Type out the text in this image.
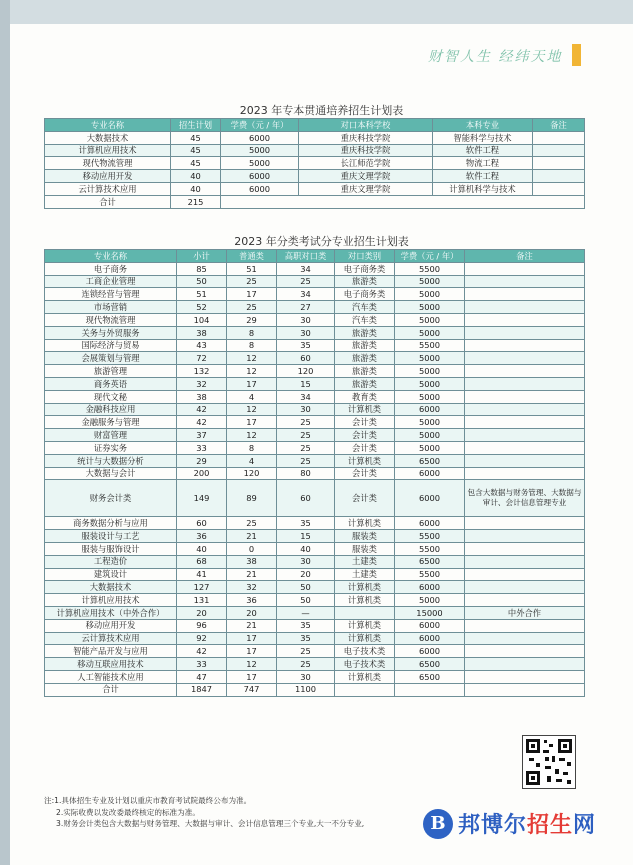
财智人生 经纬天地
2023 年专本贯通培养招生计划表
专业名称	招生计划	学费（元 / 年）	对口本科学校	本科专业	备注
大数据技术	45	6000	重庆科技学院	智能科学与技术	
计算机应用技术	45	5000	重庆科技学院	软件工程	
现代物流管理	45	5000	长江师范学院	物流工程	
移动应用开发	40	6000	重庆文理学院	软件工程	
云计算技术应用	40	6000	重庆文理学院	计算机科学与技术	
合计	215				
2023 年分类考试分专业招生计划表
专业名称	小计	普通类	高职对口类	对口类别	学费（元 / 年）	备注
电子商务	85	51	34	电子商务类	5500	
工商企业管理	50	25	25	旅游类	5000	
连锁经营与管理	51	17	34	电子商务类	5000	
市场营销	52	25	27	汽车类	5000	
现代物流管理	104	29	30	汽车类	5000	
关务与外贸服务	38	8	30	旅游类	5000	
国际经济与贸易	43	8	35	旅游类	5500	
会展策划与管理	72	12	60	旅游类	5000	
旅游管理	132	12	120	旅游类	5000	
商务英语	32	17	15	旅游类	5000	
现代文秘	38	4	34	教育类	5000	
金融科技应用	42	12	30	计算机类	6000	
金融服务与管理	42	17	25	会计类	5000	
财富管理	37	12	25	会计类	5000	
证券实务	33	8	25	会计类	5000	
统计与大数据分析	29	4	25	计算机类	6500	
大数据与会计	200	120	80	会计类	6000	
财务会计类	149	89	60	会计类	6000	包含大数据与财务管理、大数据与审计、会计信息管理专业
商务数据分析与应用	60	25	35	计算机类	6000	
服装设计与工艺	36	21	15	服装类	5500	
服装与服饰设计	40	0	40	服装类	5500	
工程造价	68	38	30	土建类	6500	
建筑设计	41	21	20	土建类	5500	
大数据技术	127	32	50	计算机类	6000	
计算机应用技术	131	36	50	计算机类	5000	
计算机应用技术（中外合作）	20	20	—		15000	中外合作
移动应用开发	96	21	35	计算机类	6000	
云计算技术应用	92	17	35	计算机类	6000	
智能产品开发与应用	42	17	25	电子技术类	6000	
移动互联应用技术	33	12	25	电子技术类	6500	
人工智能技术应用	47	17	30	计算机类	6500	
合计	1847	747	1100			
注:1.具体招生专业及计划以重庆市教育考试院最终公布为准。
2.实际收费以发改委最终核定的标准为准。
3.财务会计类包含大数据与财务管理、大数据与审计、会计信息管理三个专业,大一不分专业,	B 邦博尔招生网
